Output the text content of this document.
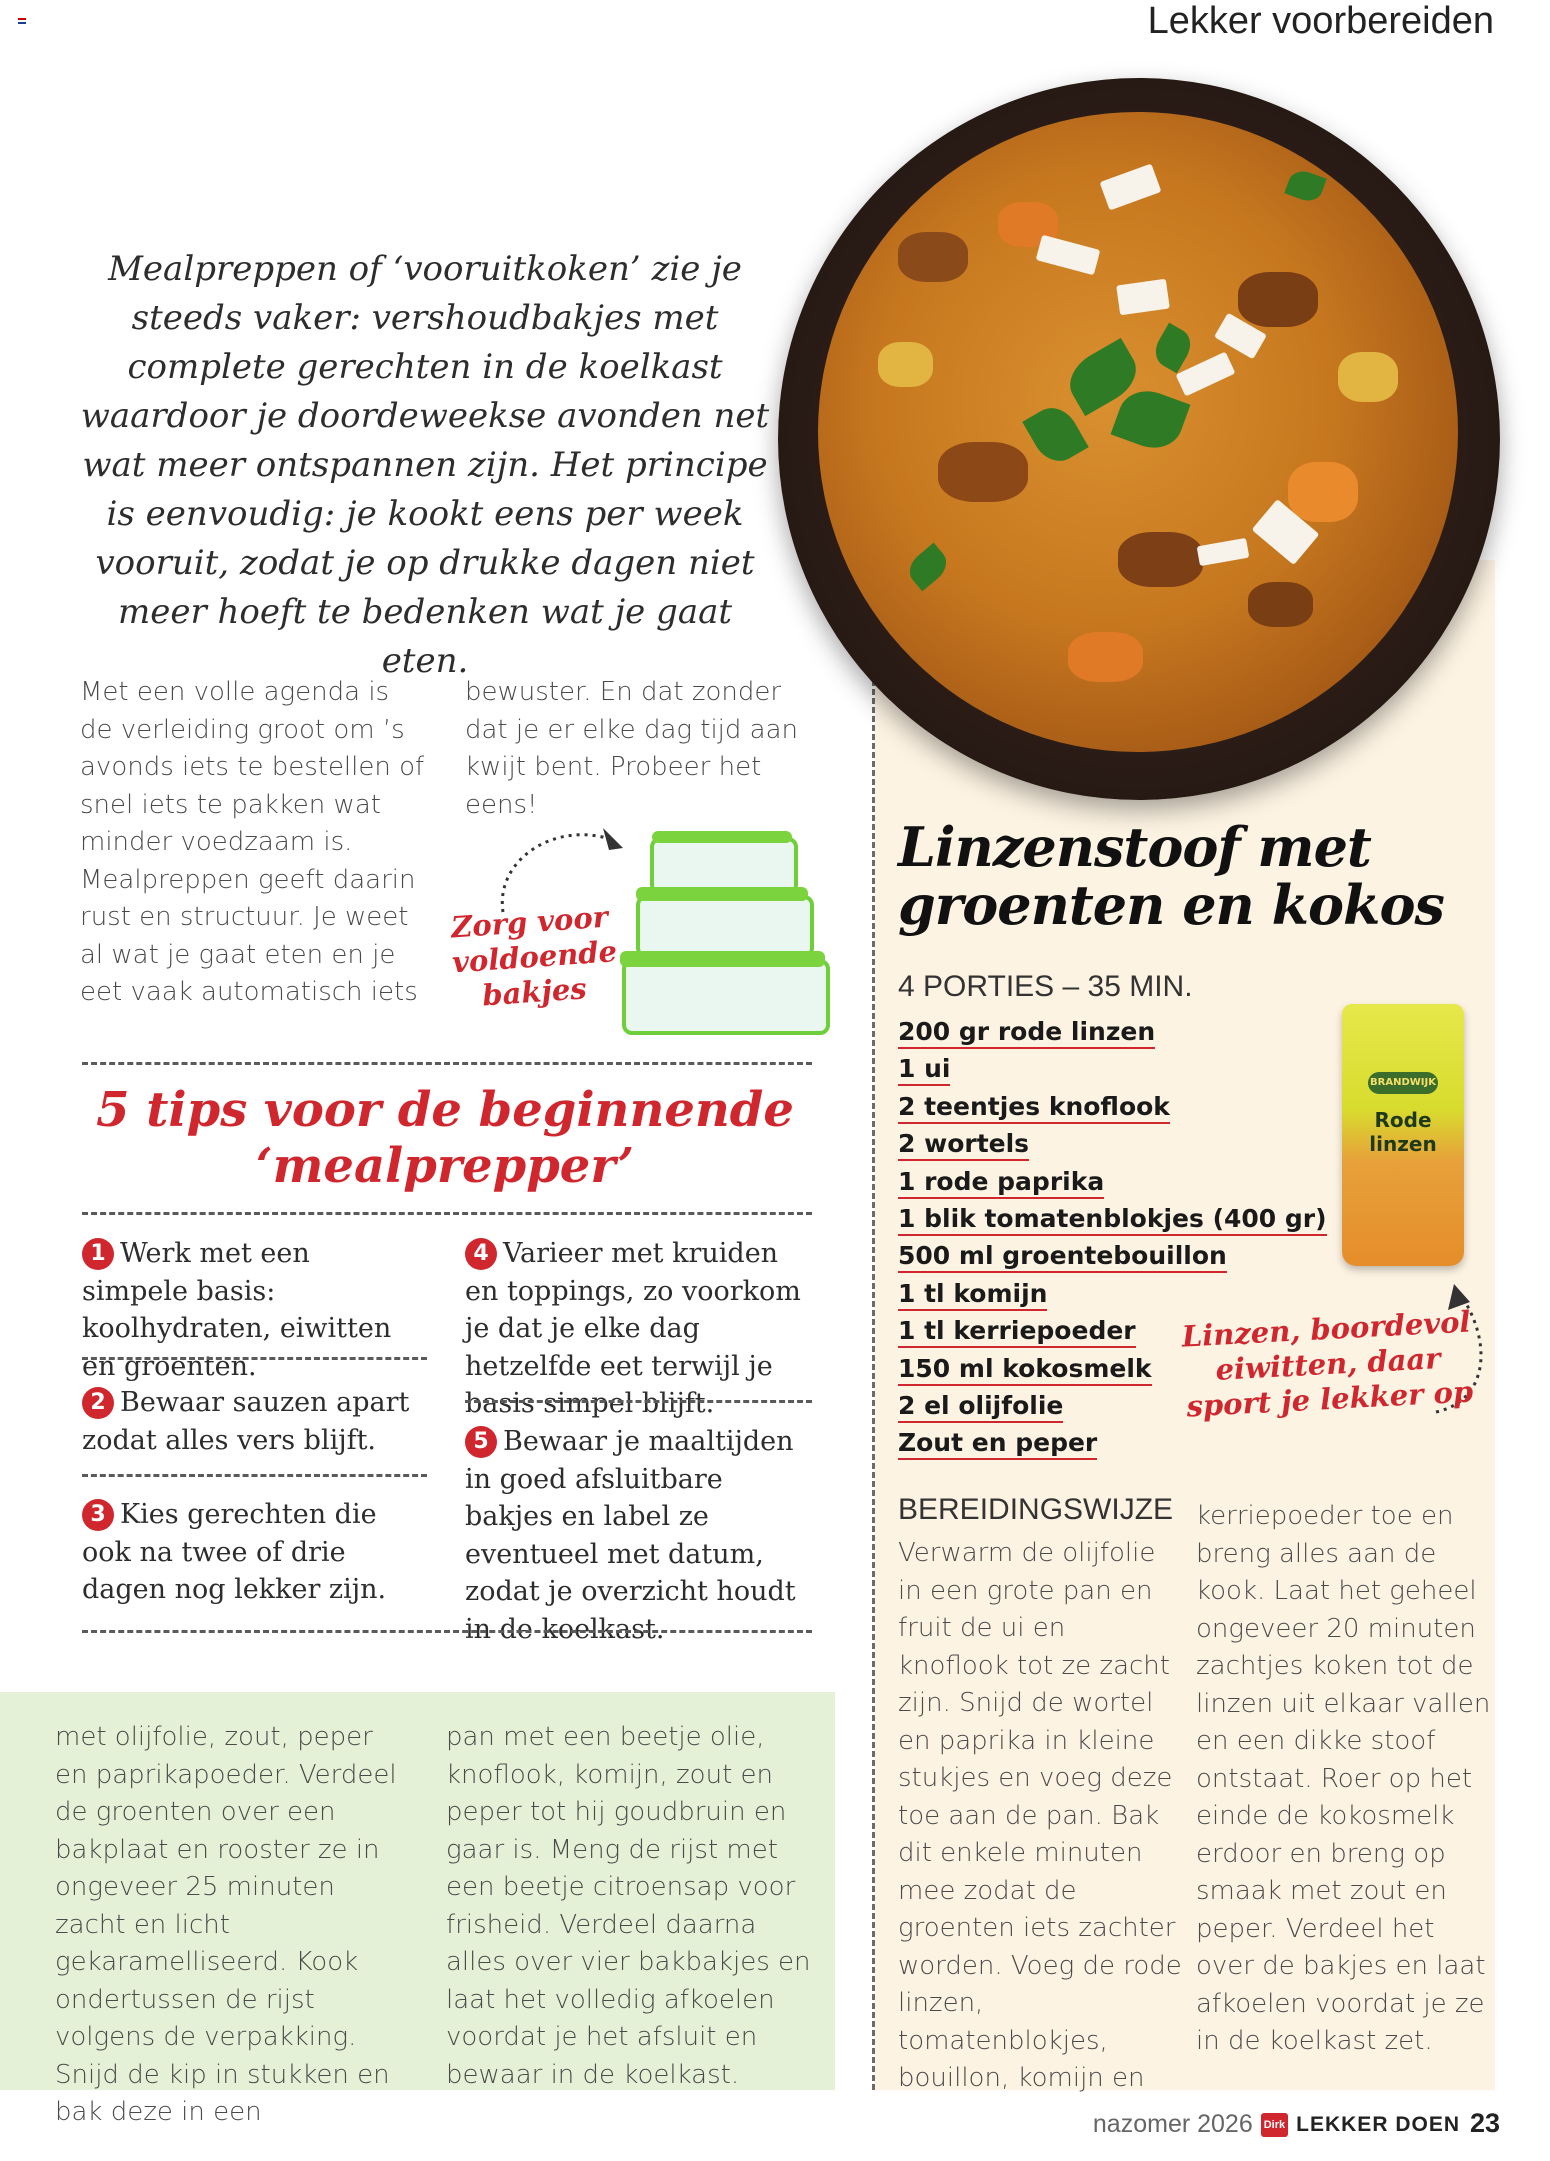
Lekker voorbereiden
Mealpreppen of ‘vooruitkoken’ zie je steeds vaker: vershoudbakjes met complete gerechten in de koelkast waardoor je doordeweekse avonden net wat meer ontspannen zijn. Het principe is eenvoudig: je kookt eens per week vooruit, zodat je op drukke dagen niet meer hoeft te bedenken wat je gaat eten.
Met een volle agenda is de verleiding groot om ’s avonds iets te bestellen of snel iets te pakken wat minder voedzaam is. Mealpreppen geeft daarin rust en structuur. Je weet al wat je gaat eten en je eet vaak automatisch iets
bewuster. En dat zonder dat je er elke dag tijd aan kwijt bent. Probeer het eens!
Zorg voor voldoende bakjes
5 tips voor de beginnende ‘mealprepper’
1 Werk met een simpele basis: koolhydraten, eiwitten en groenten.
2 Bewaar sauzen apart zodat alles vers blijft.
3 Kies gerechten die ook na twee of drie dagen nog lekker zijn.
4 Varieer met kruiden en toppings, zo voorkom je dat je elke dag hetzelfde eet terwijl je basis simpel blijft.
5 Bewaar je maaltijden in goed afsluitbare bakjes en label ze eventueel met datum, zodat je overzicht houdt in de koelkast.
Linzenstoof met groenten en kokos
4 PORTIES – 35 MIN.
200 gr rode linzen
1 ui
2 teentjes knoflook
2 wortels
1 rode paprika
1 blik tomatenblokjes (400 gr)
500 ml groentebouillon
1 tl komijn
1 tl kerriepoeder
150 ml kokosmelk
2 el olijfolie
Zout en peper
BRANDWIJK
Rode linzen
Linzen, boordevol eiwitten, daar sport je lekker op
BEREIDINGSWIJZE
Verwarm de olijfolie in een grote pan en fruit de ui en knoflook tot ze zacht zijn. Snijd de wortel en paprika in kleine stukjes en voeg deze toe aan de pan. Bak dit enkele minuten mee zodat de groenten iets zachter worden. Voeg de rode linzen, tomatenblokjes, bouillon, komijn en
kerriepoeder toe en breng alles aan de kook. Laat het geheel ongeveer 20 minuten zachtjes koken tot de linzen uit elkaar vallen en een dikke stoof ontstaat. Roer op het einde de kokosmelk erdoor en breng op smaak met zout en peper. Verdeel het over de bakjes en laat afkoelen voordat je ze in de koelkast zet.
met olijfolie, zout, peper en paprikapoeder. Verdeel de groenten over een bakplaat en rooster ze in ongeveer 25 minuten zacht en licht gekaramelliseerd. Kook ondertussen de rijst volgens de verpakking. Snijd de kip in stukken en bak deze in een
pan met een beetje olie, knoflook, komijn, zout en peper tot hij goudbruin en gaar is. Meng de rijst met een beetje citroensap voor frisheid. Verdeel daarna alles over vier bakbakjes en laat het volledig afkoelen voordat je het afsluit en bewaar in de koelkast.
nazomer 2026 Dirk LEKKER DOEN 23
